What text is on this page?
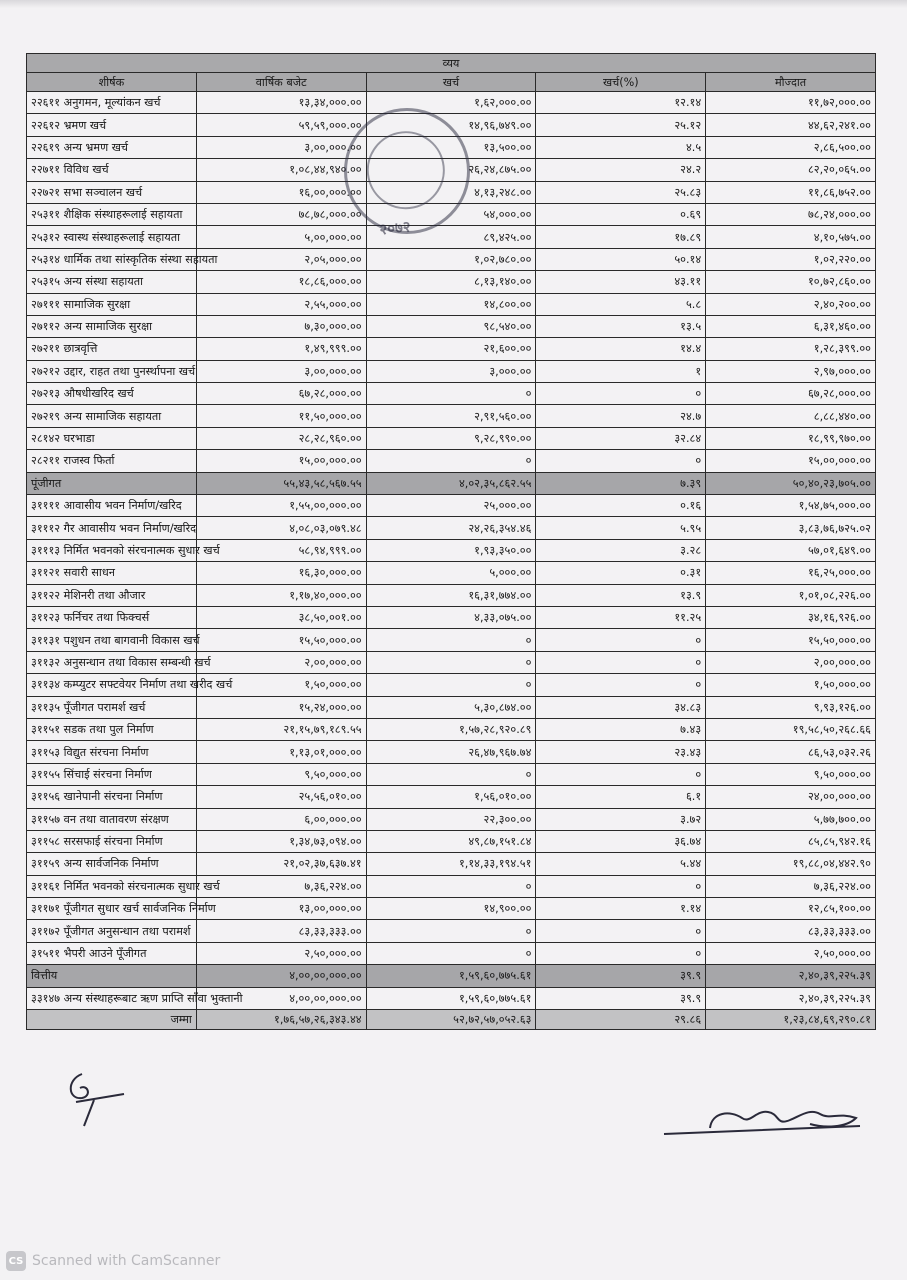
व्यय				
शीर्षक	वार्षिक बजेट	खर्च	खर्च(%)	मौज्दात
२२६११ अनुगमन, मूल्यांकन खर्च	१३,३४,०००.००	१,६२,०००.००	१२.१४	११,७२,०००.००
२२६१२ भ्रमण खर्च	५९,५९,०००.००	१४,९६,७४९.००	२५.१२	४४,६२,२४१.००
२२६१९ अन्य भ्रमण खर्च	३,००,०००.००	१३,५००.००	४.५	२,८६,५००.००
२२७११ विविध खर्च	१,०८,४४,९४०.००	२६,२४,८७५.००	२४.२	८२,२०,०६५.००
२२७२१ सभा सञ्चालन खर्च	१६,००,०००.००	४,१३,२४८.००	२५.८३	११,८६,७५२.००
२५३११ शैक्षिक संस्थाहरूलाई सहायता	७८,७८,०००.००	५४,०००.००	०.६९	७८,२४,०००.००
२५३१२ स्वास्थ संस्थाहरूलाई सहायता	५,००,०००.००	८९,४२५.००	१७.८९	४,१०,५७५.००
२५३१४ धार्मिक तथा सांस्कृतिक संस्था सहायता	२,०५,०००.००	१,०२,७८०.००	५०.१४	१,०२,२२०.००
२५३१५ अन्य संस्था सहायता	१८,८६,०००.००	८,१३,१४०.००	४३.११	१०,७२,८६०.००
२७१११ सामाजिक सुरक्षा	२,५५,०००.००	१४,८००.००	५.८	२,४०,२००.००
२७११२ अन्य सामाजिक सुरक्षा	७,३०,०००.००	९८,५४०.००	१३.५	६,३१,४६०.००
२७२११ छात्रवृत्ति	१,४९,९९९.००	२१,६००.००	१४.४	१,२८,३९९.००
२७२१२ उद्दार, राहत तथा पुनर्स्थापना खर्च	३,००,०००.००	३,०००.००	१	२,९७,०००.००
२७२१३ औषधीखरिद खर्च	६७,२८,०००.००	०	०	६७,२८,०००.००
२७२१९ अन्य सामाजिक सहायता	११,५०,०००.००	२,९१,५६०.००	२४.७	८,८८,४४०.००
२८१४२ घरभाडा	२८,२८,९६०.००	९,२८,९९०.००	३२.८४	१८,९९,९७०.००
२८२११ राजस्व फिर्ता	१५,००,०००.००	०	०	१५,००,०००.००
पूंजीगत	५५,४३,५८,५६७.५५	४,०२,३५,८६२.५५	७.३९	५०,४०,२३,७०५.००
३११११ आवासीय भवन निर्माण/खरिद	१,५५,००,०००.००	२५,०००.००	०.१६	१,५४,७५,०००.००
३१११२ गैर आवासीय भवन निर्माण/खरिद	४,०८,०३,०७९.४८	२४,२६,३५४.४६	५.९५	३,८३,७६,७२५.०२
३१११३ निर्मित भवनको संरचनात्मक सुधार खर्च	५८,९४,९९९.००	१,९३,३५०.००	३.२८	५७,०१,६४९.००
३११२१ सवारी साधन	१६,३०,०००.००	५,०००.००	०.३१	१६,२५,०००.००
३११२२ मेशिनरी तथा औजार	१,१७,४०,०००.००	१६,३१,७७४.००	१३.९	१,०१,०८,२२६.००
३११२३ फर्निचर तथा फिक्चर्स	३८,५०,००१.००	४,३३,०७५.००	११.२५	३४,१६,९२६.००
३११३१ पशुधन तथा बागवानी विकास खर्च	१५,५०,०००.००	०	०	१५,५०,०००.००
३११३२ अनुसन्धान तथा विकास सम्बन्धी खर्च	२,००,०००.००	०	०	२,००,०००.००
३११३४ कम्प्युटर सफ्टवेयर निर्माण तथा खरीद खर्च	१,५०,०००.००	०	०	१,५०,०००.००
३११३५ पूँजीगत परामर्श खर्च	१५,२४,०००.००	५,३०,८७४.००	३४.८३	९,९३,१२६.००
३११५१ सडक तथा पुल निर्माण	२१,१५,७९,१८९.५५	१,५७,२८,९२०.८९	७.४३	१९,५८,५०,२६८.६६
३११५३ विद्युत संरचना निर्माण	१,१३,०१,०००.००	२६,४७,९६७.७४	२३.४३	८६,५३,०३२.२६
३११५५ सिंचाई संरचना निर्माण	९,५०,०००.००	०	०	९,५०,०००.००
३११५६ खानेपानी संरचना निर्माण	२५,५६,०१०.००	१,५६,०१०.००	६.१	२४,००,०००.००
३११५७ वन तथा वातावरण संरक्षण	६,००,०००.००	२२,३००.००	३.७२	५,७७,७००.००
३११५८ सरसफाई संरचना निर्माण	१,३४,७३,०९४.००	४९,८७,१५१.८४	३६.७४	८५,८५,९४२.१६
३११५९ अन्य सार्वजनिक निर्माण	२१,०२,३७,६३७.४१	१,१४,३३,१९४.५१	५.४४	१९,८८,०४,४४२.९०
३११६१ निर्मित भवनको संरचनात्मक सुधार खर्च	७,३६,२२४.००	०	०	७,३६,२२४.००
३११७१ पूँजीगत सुधार खर्च सार्वजनिक निर्माण	१३,००,०००.००	१४,९००.००	१.१४	१२,८५,१००.००
३११७२ पूँजीगत अनुसन्धान तथा परामर्श	८३,३३,३३३.००	०	०	८३,३३,३३३.००
३१५११ भैपरी आउने पूँजीगत	२,५०,०००.००	०	०	२,५०,०००.००
वित्तीय	४,००,००,०००.००	१,५९,६०,७७५.६१	३९.९	२,४०,३९,२२५.३९
३३१४७ अन्य संस्थाहरूबाट ऋण प्राप्ति साँवा भुक्तानी	४,००,००,०००.००	१,५९,६०,७७५.६१	३९.९	२,४०,३९,२२५.३९
जम्मा	१,७६,५७,२६,३४३.४४	५२,७२,५७,०५२.६३	२९.८६	१,२३,८४,६९,२९०.८१
२०७२
CS Scanned with CamScanner
